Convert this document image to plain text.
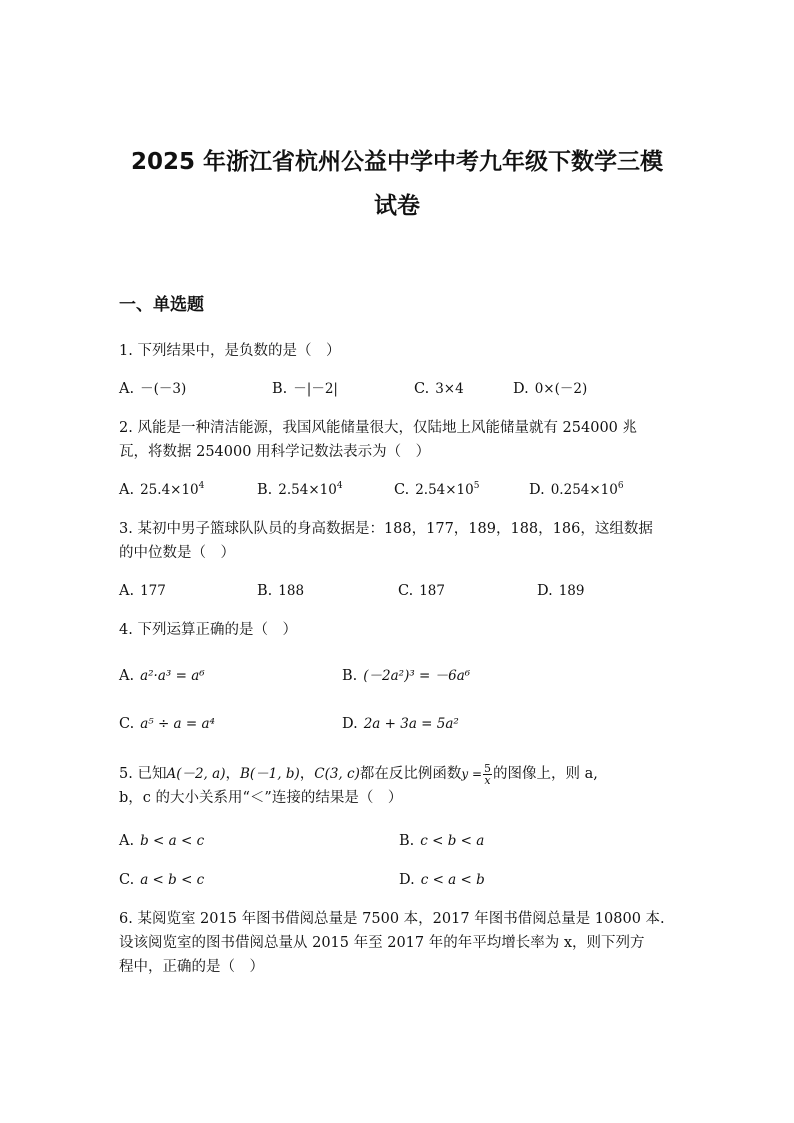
2025 年浙江省杭州公益中学中考九年级下数学三模
试卷
一、单选题
1. 下列结果中，是负数的是（　）
A. －(－3)	B. －|－2|	C. 3×4	D. 0×(－2)
2. 风能是一种清洁能源，我国风能储量很大，仅陆地上风能储量就有 254000 兆
瓦，将数据 254000 用科学记数法表示为（　）
A. $25.4\times 10^4$	B. $2.54\times 10^4$	C. $2.54\times 10^5$	D. $0.254\times 10^6$
3. 某初中男子篮球队队员的身高数据是：188，177，189，188，186，这组数据
的中位数是（　）
A. 177	B. 188	C. 187	D. 189
4. 下列运算正确的是（　）
A. a²·a³ = a⁶	B. (－2a²)³ = －6a⁶
C. a⁵ ÷ a = a⁴	D. 2a + 3a = 5a²
5. 已知A(－2, a)，B(－1, b)，C(3, c)都在反比例函数$y = \frac{5}{x}$ 的图像上，则 a,
b，c 的大小关系用“＜”连接的结果是（　）
A. b < a < c	B. c < b < a
C. a < b < c	D. c < a < b
6. 某阅览室 2015 年图书借阅总量是 7500 本，2017 年图书借阅总量是 10800 本.
设该阅览室的图书借阅总量从 2015 年至 2017 年的年平均增长率为 x，则下列方
程中，正确的是（　）
